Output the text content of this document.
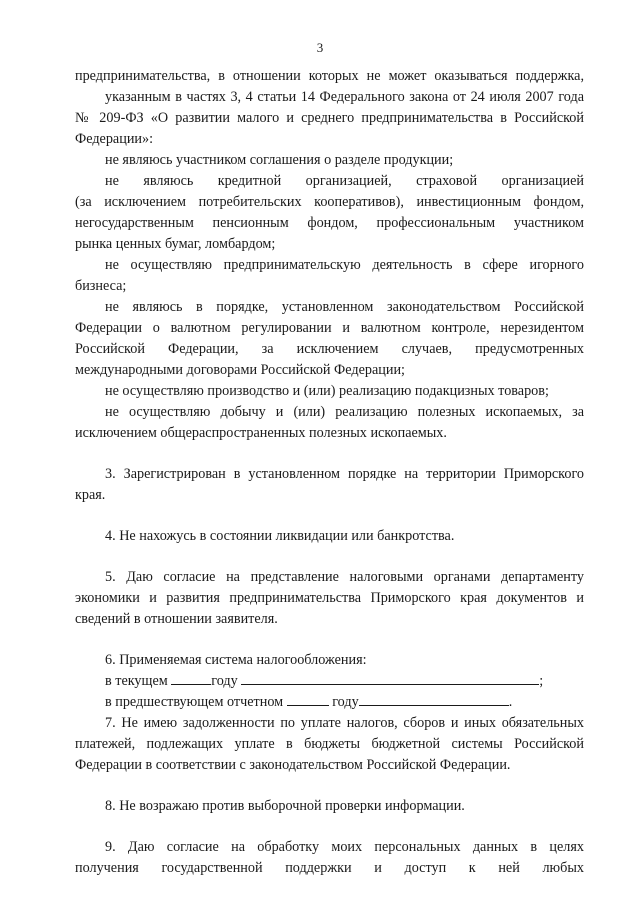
3
предпринимательства, в отношении которых не может оказываться поддержка,
указанным в частях 3, 4 статьи 14 Федерального закона от 24 июля 2007 года
№ 209-ФЗ «О развитии малого и среднего предпринимательства в Российской
Федерации»:
не являюсь участником соглашения о разделе продукции;
не являюсь кредитной организацией, страховой организацией
(за исключением потребительских кооперативов), инвестиционным фондом,
негосударственным пенсионным фондом, профессиональным участником
рынка ценных бумаг, ломбардом;
не осуществляю предпринимательскую деятельность в сфере игорного
бизнеса;
не являюсь в порядке, установленном законодательством Российской
Федерации о валютном регулировании и валютном контроле, нерезидентом
Российской Федерации, за исключением случаев, предусмотренных
международными договорами Российской Федерации;
не осуществляю производство и (или) реализацию подакцизных товаров;
не осуществляю добычу и (или) реализацию полезных ископаемых, за
исключением общераспространенных полезных ископаемых.
3. Зарегистрирован в установленном порядке на территории Приморского
края.
4. Не нахожусь в состоянии ликвидации или банкротства.
5. Даю согласие на представление налоговыми органами департаменту
экономики и развития предпринимательства Приморского края документов и
сведений в отношении заявителя.
6. Применяемая система налогообложения:
в текущем	году	;
в предшествующем отчетном	году	.
7. Не имею задолженности по уплате налогов, сборов и иных обязательных
платежей, подлежащих уплате в бюджеты бюджетной системы Российской
Федерации в соответствии с законодательством Российской Федерации.
8. Не возражаю против выборочной проверки информации.
9. Даю согласие на обработку моих персональных данных в целях
получения государственной поддержки и доступ к ней любых
